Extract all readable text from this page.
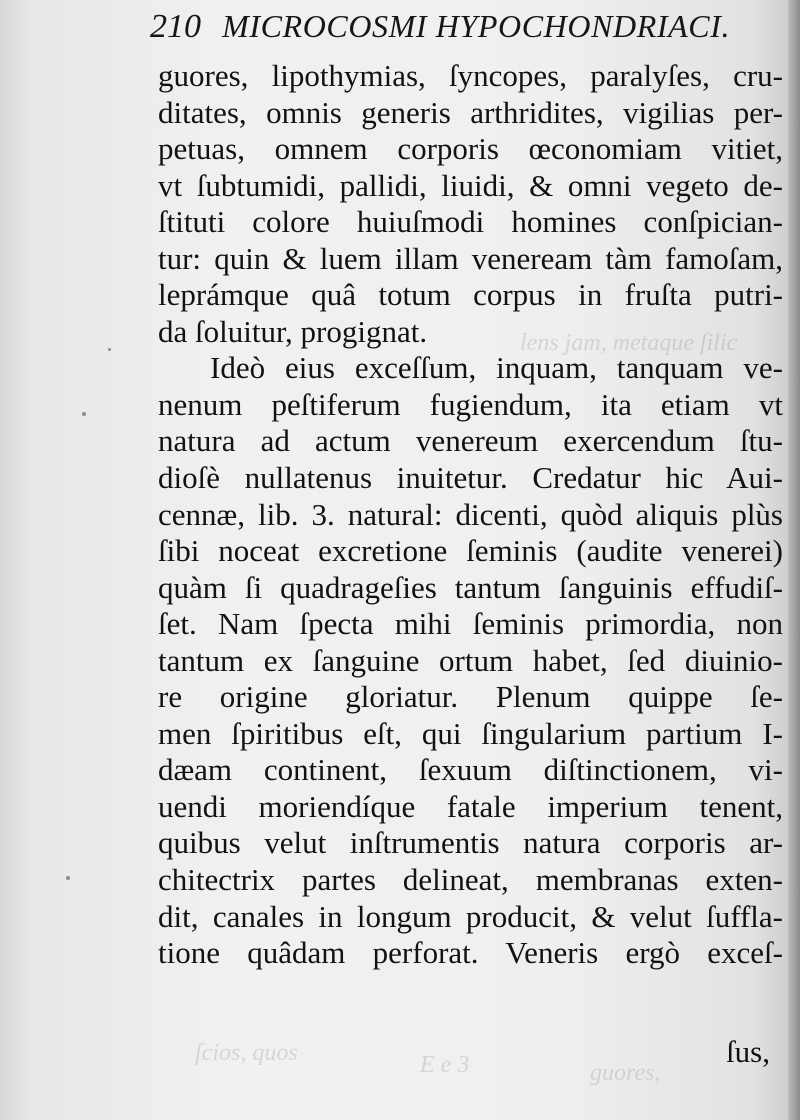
lens jam, metaque ſilic
ſcios, quos	E e 3	guores,
210 MICROCOSMI HYPOCHONDRIACI.
guores, lipothymias, ſyncopes, paralyſes, cru-
ditates, omnis generis arthridites, vigilias per-
petuas, omnem corporis œconomiam vitiet,
vt ſubtumidi, pallidi, liuidi, & omni vegeto de-
ſtituti colore huiuſmodi homines conſpician-
tur: quin & luem illam veneream tàm famoſam,
leprámque quâ totum corpus in fruſta putri-
da ſoluitur, progignat.
Ideò eius exceſſum, inquam, tanquam ve-
nenum peſtiferum fugiendum, ita etiam vt
natura ad actum venereum exercendum ſtu-
dioſè nullatenus inuitetur. Credatur hic Aui-
cennæ, lib. 3. natural: dicenti, quòd aliquis plùs
ſibi noceat excretione ſeminis (audite venerei)
quàm ſi quadrageſies tantum ſanguinis effudiſ-
ſet. Nam ſpecta mihi ſeminis primordia, non
tantum ex ſanguine ortum habet, ſed diuinio-
re origine gloriatur. Plenum quippe ſe-
men ſpiritibus eſt, qui ſingularium partium I-
dæam continent, ſexuum diſtinctionem, vi-
uendi moriendíque fatale imperium tenent,
quibus velut inſtrumentis natura corporis ar-
chitectrix partes delineat, membranas exten-
dit, canales in longum producit, & velut ſuffla-
tione quâdam perforat. Veneris ergò exceſ-
ſus,
